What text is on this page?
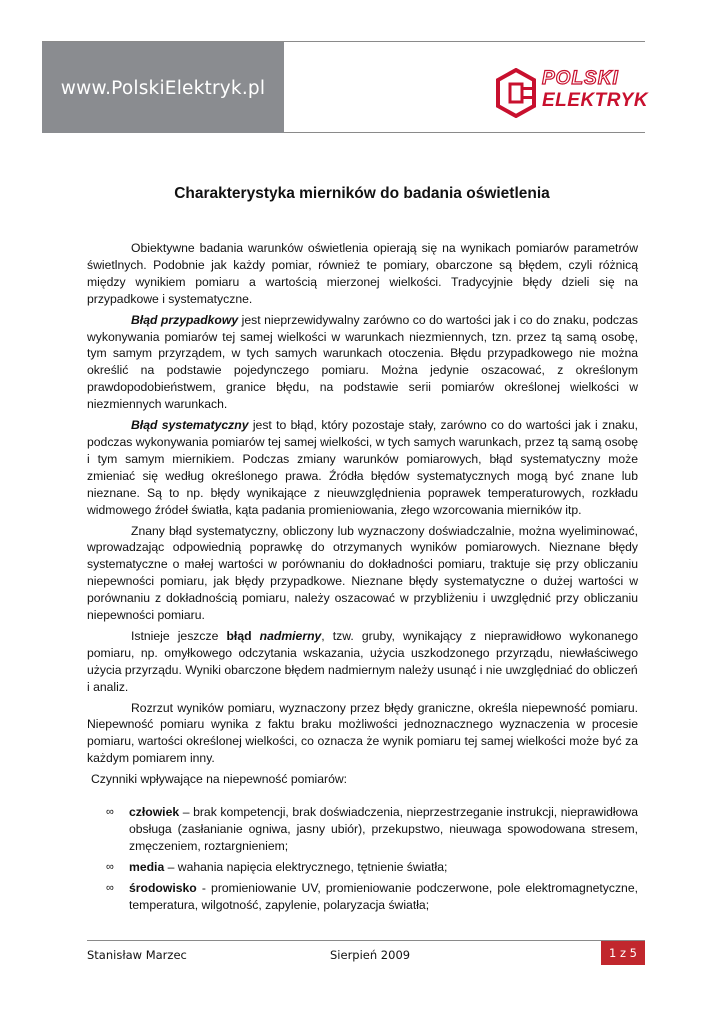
www.PolskiElektryk.pl	POLSKI
ELEKTRYK
Charakterystyka mierników do badania oświetlenia

Obiektywne badania warunków oświetlenia opierają się na wynikach pomiarów parametrów świetlnych. Podobnie jak każdy pomiar, również te pomiary, obarczone są błędem, czyli różnicą między wynikiem pomiaru a wartością mierzonej wielkości. Tradycyjnie błędy dzieli się na przypadkowe i systematyczne.

Błąd przypadkowy jest nieprzewidywalny zarówno co do wartości jak i co do znaku, podczas wykonywania pomiarów tej samej wielkości w warunkach niezmiennych, tzn. przez tą samą osobę, tym samym przyrządem, w tych samych warunkach otoczenia. Błędu przypadkowego nie można określić na podstawie pojedynczego pomiaru. Można jedynie oszacować, z określonym prawdopodobieństwem, granice błędu, na podstawie serii pomiarów określonej wielkości w niezmiennych warunkach.

Błąd systematyczny jest to błąd, który pozostaje stały, zarówno co do wartości jak i znaku, podczas wykonywania pomiarów tej samej wielkości, w tych samych warunkach, przez tą samą osobę i tym samym miernikiem. Podczas zmiany warunków pomiarowych, błąd systematyczny może zmieniać się według określonego prawa. Źródła błędów systematycznych mogą być znane lub nieznane. Są to np. błędy wynikające z nieuwzględnienia poprawek temperaturowych, rozkładu widmowego źródeł światła, kąta padania promieniowania, złego wzorcowania mierników itp.

Znany błąd systematyczny, obliczony lub wyznaczony doświadczalnie, można wyeliminować, wprowadzając odpowiednią poprawkę do otrzymanych wyników pomiarowych. Nieznane błędy systematyczne o małej wartości w porównaniu do dokładności pomiaru, traktuje się przy obliczaniu niepewności pomiaru, jak błędy przypadkowe. Nieznane błędy systematyczne o dużej wartości w porównaniu z dokładnością pomiaru, należy oszacować w przybliżeniu i uwzględnić przy obliczaniu niepewności pomiaru.

Istnieje jeszcze błąd nadmierny, tzw. gruby, wynikający z nieprawidłowo wykonanego pomiaru, np. omyłkowego odczytania wskazania, użycia uszkodzonego przyrządu, niewłaściwego użycia przyrządu. Wyniki obarczone błędem nadmiernym należy usunąć i nie uwzględniać do obliczeń

i analiz.

Rozrzut wyników pomiaru, wyznaczony przez błędy graniczne, określa niepewność pomiaru. Niepewność pomiaru wynika z faktu braku możliwości jednoznacznego wyznaczenia w procesie pomiaru, wartości określonej wielkości, co oznacza że wynik pomiaru tej samej wielkości może być za każdym pomiarem inny.

Czynniki wpływające na niepewność pomiarów:

∞ człowiek – brak kompetencji, brak doświadczenia, nieprzestrzeganie instrukcji, nieprawidłowa obsługa (zasłanianie ogniwa, jasny ubiór), przekupstwo, nieuwaga spowodowana stresem, zmęczeniem, roztargnieniem;
∞ media – wahania napięcia elektrycznego, tętnienie światła;
∞ środowisko - promieniowanie UV, promieniowanie podczerwone, pole elektromagnetyczne, temperatura, wilgotność, zapylenie, polaryzacja światła;
Stanisław Marzec	Sierpień 2009	1 z 5
